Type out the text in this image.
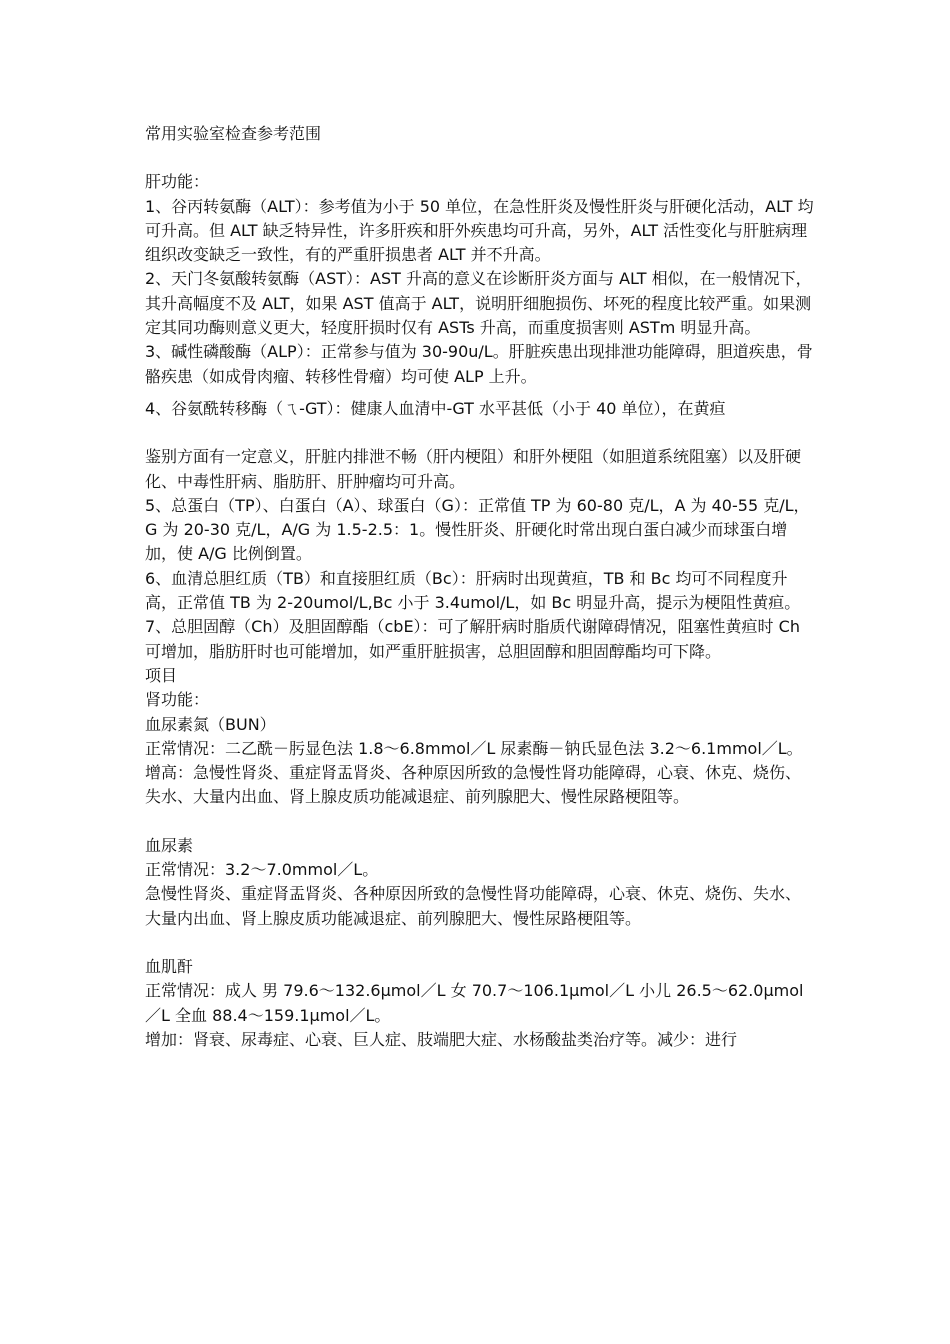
常用实验室检查参考范围

肝功能：

1、谷丙转氨酶（ALT）：参考值为小于 50 单位，在急性肝炎及慢性肝炎与肝硬化活动，ALT 均可升高。但 ALT 缺乏特异性，许多肝疾和肝外疾患均可升高，另外，ALT 活性变化与肝脏病理组织改变缺乏一致性，有的严重肝损患者 ALT 并不升高。

2、天门冬氨酸转氨酶（AST）：AST 升高的意义在诊断肝炎方面与 ALT 相似，在一般情况下，其升高幅度不及 ALT，如果 AST 值高于 ALT，说明肝细胞损伤、坏死的程度比较严重。如果测定其同功酶则意义更大，轻度肝损时仅有 ASTs 升高，而重度损害则 ASTm 明显升高。

3、碱性磷酸酶（ALP）：正常参与值为 30-90u/L。肝脏疾患出现排泄功能障碍，胆道疾患，骨骼疾患（如成骨肉瘤、转移性骨瘤）均可使 ALP 上升。

4、谷氨酰转移酶（ㄟ-GT）：健康人血清中-GT 水平甚低（小于 40 单位），在黄疸

鉴别方面有一定意义，肝脏内排泄不畅（肝内梗阻）和肝外梗阻（如胆道系统阻塞）以及肝硬化、中毒性肝病、脂肪肝、肝肿瘤均可升高。

5、总蛋白（TP）、白蛋白（A）、球蛋白（G）：正常值 TP 为 60-80 克/L，A 为 40-55 克/L，G 为 20-30 克/L，A/G 为 1.5-2.5：1。慢性肝炎、肝硬化时常出现白蛋白减少而球蛋白增加，使 A/G 比例倒置。

6、血清总胆红质（TB）和直接胆红质（Bc）：肝病时出现黄疸，TB 和 Bc 均可不同程度升高，正常值 TB 为 2-20umol/L,Bc 小于 3.4umol/L，如 Bc 明显升高，提示为梗阻性黄疸。

7、总胆固醇（Ch）及胆固醇酯（cbE）：可了解肝病时脂质代谢障碍情况，阻塞性黄疸时 Ch 可增加，脂肪肝时也可能增加，如严重肝脏损害，总胆固醇和胆固醇酯均可下降。

项目

肾功能：

血尿素氮（BUN）

正常情况：二乙酰－肟显色法 1.8～6.8mmol／L 尿素酶－钠氏显色法 3.2～6.1mmol／L。

增高：急慢性肾炎、重症肾盂肾炎、各种原因所致的急慢性肾功能障碍，心衰、休克、烧伤、失水、大量内出血、肾上腺皮质功能减退症、前列腺肥大、慢性尿路梗阻等。

血尿素

正常情况：3.2～7.0mmol／L。

急慢性肾炎、重症肾盂肾炎、各种原因所致的急慢性肾功能障碍，心衰、休克、烧伤、失水、大量内出血、肾上腺皮质功能减退症、前列腺肥大、慢性尿路梗阻等。

血肌酐

正常情况：成人 男 79.6～132.6μmol／L 女 70.7～106.1μmol／L 小儿 26.5～62.0μmol／L 全血 88.4～159.1μmol／L。

增加：肾衰、尿毒症、心衰、巨人症、肢端肥大症、水杨酸盐类治疗等。减少：进行
